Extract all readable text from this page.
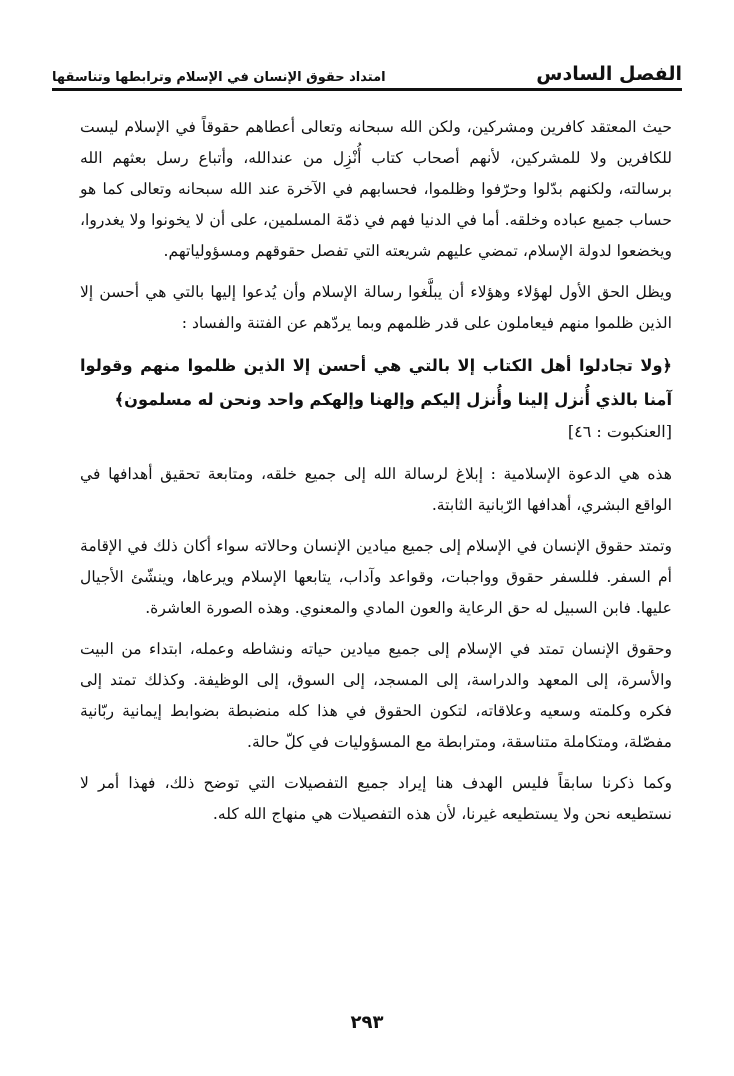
الفصل السادس
امتداد حقوق الإنسان في الإسلام وترابطها وتناسقها

حيث المعتقد كافرين ومشركين، ولكن الله سبحانه وتعالى أعطاهم حقوقاً في الإسلام ليست للكافرين ولا للمشركين، لأنهم أصحاب كتاب أُنْزِل من عندالله، وأتباع رسل بعثهم الله برسالته، ولكنهم بدّلوا وحرّفوا وظلموا، فحسابهم في الآخرة عند الله سبحانه وتعالى كما هو حساب جميع عباده وخلقه. أما في الدنيا فهم في ذمّة المسلمين، على أن لا يخونوا ولا يغدروا، ويخضعوا لدولة الإسلام، تمضي عليهم شريعته التي تفصل حقوقهم ومسؤولياتهم.

ويظل الحق الأول لهؤلاء وهؤلاء أن يبلَّغوا رسالة الإسلام وأن يُدعوا إليها بالتي هي أحسن إلا الذين ظلموا منهم فيعاملون على قدر ظلمهم وبما يردّهم عن الفتنة والفساد :

﴿ولا تجادلوا أهل الكتاب إلا بالتي هي أحسن إلا الذين ظلموا منهم وقولوا آمنا بالذي أُنزل إلينا وأُنزل إليكم وإلهنا وإلهكم واحد ونحن له مسلمون﴾

[العنكبوت : ٤٦]

هذه هي الدعوة الإسلامية : إبلاغ لرسالة الله إلى جميع خلقه، ومتابعة تحقيق أهدافها في الواقع البشري، أهدافها الرّبانية الثابتة.

وتمتد حقوق الإنسان في الإسلام إلى جميع ميادين الإنسان وحالاته سواء أكان ذلك في الإقامة أم السفر. فللسفر حقوق وواجبات، وقواعد وآداب، يتابعها الإسلام ويرعاها، وينشّئ الأجيال عليها. فابن السبيل له حق الرعاية والعون المادي والمعنوي. وهذه الصورة العاشرة.

وحقوق الإنسان تمتد في الإسلام إلى جميع ميادين حياته ونشاطه وعمله، ابتداء من البيت والأسرة، إلى المعهد والدراسة، إلى المسجد، إلى السوق، إلى الوظيفة. وكذلك تمتد إلى فكره وكلمته وسعيه وعلاقاته، لتكون الحقوق في هذا كله منضبطة بضوابط إيمانية ربّانية مفصّلة، ومتكاملة متناسقة، ومترابطة مع المسؤوليات في كلّ حالة.

وكما ذكرنا سابقاً فليس الهدف هنا إيراد جميع التفصيلات التي توضح ذلك، فهذا أمر لا نستطيعه نحن ولا يستطيعه غيرنا، لأن هذه التفصيلات هي منهاج الله كله.

٢٩٣
